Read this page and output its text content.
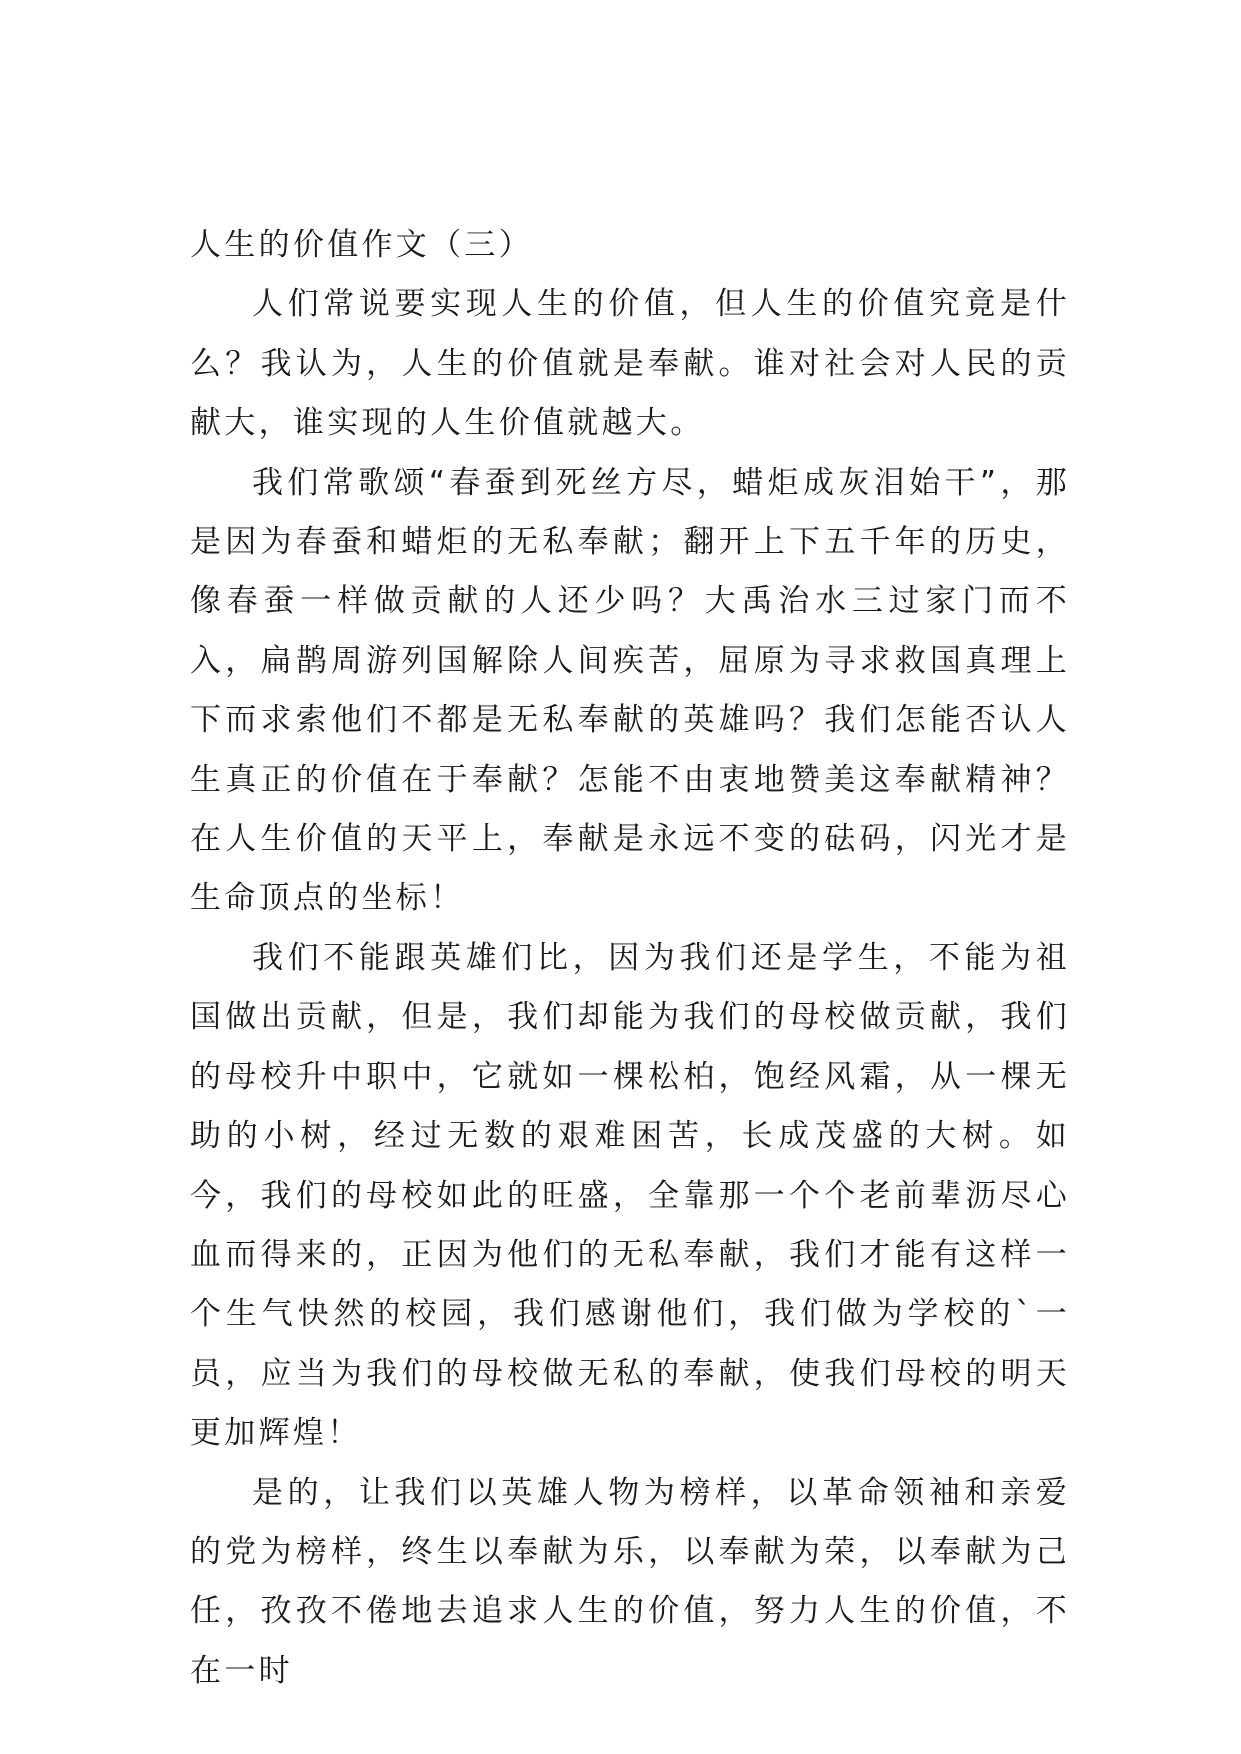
人生的价值作文（三）

人们常说要实现人生的价值，但人生的价值究竟是什么？我认为，人生的价值就是奉献。谁对社会对人民的贡献大，谁实现的人生价值就越大。

我们常歌颂“春蚕到死丝方尽，蜡炬成灰泪始干”，那是因为春蚕和蜡炬的无私奉献；翻开上下五千年的历史，像春蚕一样做贡献的人还少吗？大禹治水三过家门而不入，扁鹊周游列国解除人间疾苦，屈原为寻求救国真理上下而求索他们不都是无私奉献的英雄吗？我们怎能否认人生真正的价值在于奉献？怎能不由衷地赞美这奉献精神？在人生价值的天平上，奉献是永远不变的砝码，闪光才是生命顶点的坐标！

我们不能跟英雄们比，因为我们还是学生，不能为祖国做出贡献，但是，我们却能为我们的母校做贡献，我们的母校升中职中，它就如一棵松柏，饱经风霜，从一棵无助的小树，经过无数的艰难困苦，长成茂盛的大树。如今，我们的母校如此的旺盛，全靠那一个个老前辈沥尽心血而得来的，正因为他们的无私奉献，我们才能有这样一个生气快然的校园，我们感谢他们，我们做为学校的`一员，应当为我们的母校做无私的奉献，使我们母校的明天更加辉煌！

是的，让我们以英雄人物为榜样，以革命领袖和亲爱的党为榜样，终生以奉献为乐，以奉献为荣，以奉献为己任，孜孜不倦地去追求人生的价值，努力人生的价值，不在一时
